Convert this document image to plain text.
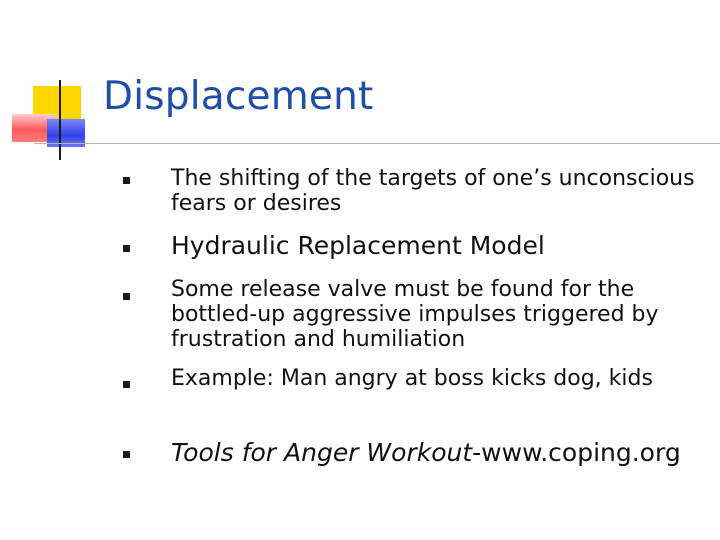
Displacement
The shifting of the targets of one’s unconscious fears or desires
Hydraulic Replacement Model
Some release valve must be found for the bottled-up aggressive impulses triggered by frustration and humiliation
Example: Man angry at boss kicks dog, kids
Tools for Anger Workout-www.coping.org
